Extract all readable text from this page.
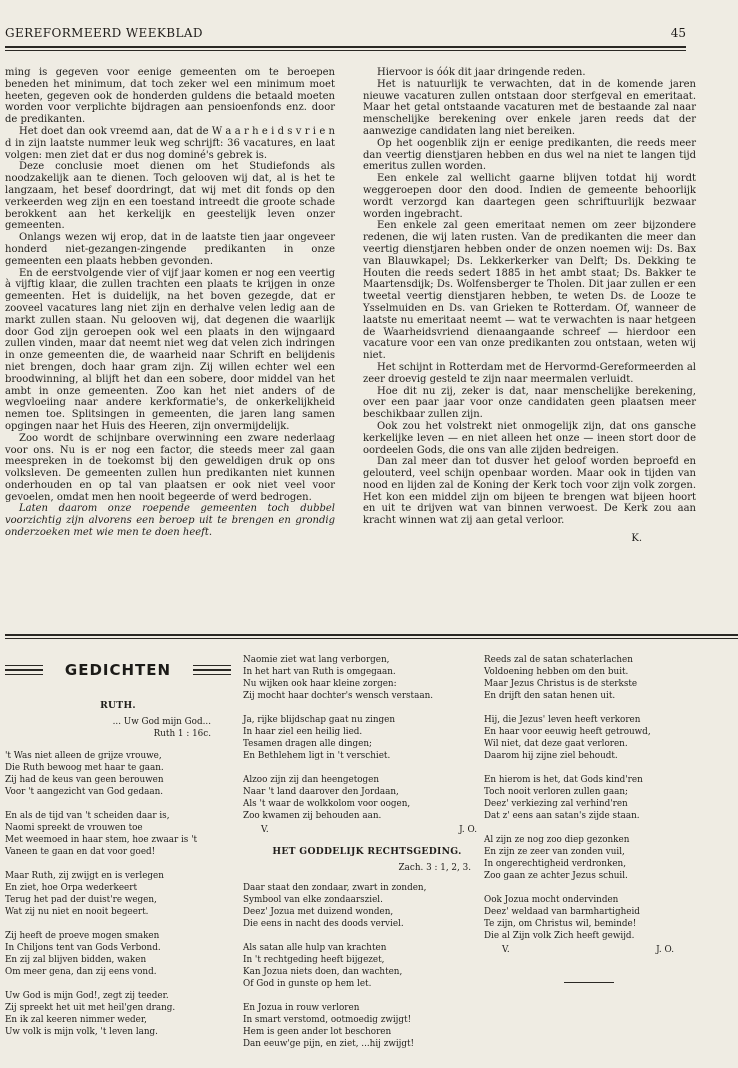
GEREFORMEERD WEEKBLAD	45

ming is gegeven voor eenige gemeenten om te beroepen beneden het minimum, dat toch zeker wel een minimum moet heeten, gegeven ook de honderden guldens die betaald moeten worden voor verplichte bijdragen aan pensioenfonds enz. door de predikanten.

Het doet dan ook vreemd aan, dat de W a a r h e i d s v r i e n d in zijn laatste nummer leuk weg schrijft: 36 vacatures, en laat volgen: men ziet dat er dus nog dominé's gebrek is.

Deze conclusie moet dienen om het Studiefonds als noodzakelijk aan te dienen. Toch gelooven wij dat, al is het te langzaam, het besef doordringt, dat wij met dit fonds op den verkeerden weg zijn en een toestand intreedt die groote schade berokkent aan het kerkelijk en geestelijk leven onzer gemeenten.

Onlangs wezen wij erop, dat in de laatste tien jaar ongeveer honderd niet-gezangen-zingende predikanten in onze gemeenten een plaats hebben gevonden.

En de eerstvolgende vier of vijf jaar komen er nog een veertig à vijftig klaar, die zullen trachten een plaats te krijgen in onze gemeenten. Het is duidelijk, na het boven gezegde, dat er zooveel vacatures lang niet zijn en derhalve velen ledig aan de markt zullen staan. Nu gelooven wij, dat degenen die waarlijk door God zijn geroepen ook wel een plaats in den wijngaard zullen vinden, maar dat neemt niet weg dat velen zich indringen in onze gemeenten die, de waarheid naar Schrift en belijdenis niet brengen, doch haar gram zijn. Zij willen echter wel een broodwinning, al blijft het dan een sobere, door middel van het ambt in onze gemeenten. Zoo kan het niet anders of de wegvloeiing naar andere kerkformatie's, de onkerkelijkheid nemen toe. Splitsingen in gemeenten, die jaren lang samen opgingen naar het Huis des Heeren, zijn onvermijdelijk.

Zoo wordt de schijnbare overwinning een zware nederlaag voor ons. Nu is er nog een factor, die steeds meer zal gaan meespreken in de toekomst bij den geweldigen druk op ons volksleven. De gemeenten zullen hun predikanten niet kunnen onderhouden en op tal van plaatsen er ook niet veel voor gevoelen, omdat men hen nooit begeerde of werd bedrogen.

Laten daarom onze roepende gemeenten toch dubbel voorzichtig zijn alvorens een beroep uit te brengen en grondig onderzoeken met wie men te doen heeft.

Hiervoor is óók dit jaar dringende reden.

Het is natuurlijk te verwachten, dat in de komende jaren nieuwe vacaturen zullen ontstaan door sterfgeval en emeritaat. Maar het getal ontstaande vacaturen met de bestaande zal naar menschelijke berekening over enkele jaren reeds dat der aanwezige candidaten lang niet bereiken.

Op het oogenblik zijn er eenige predikanten, die reeds meer dan veertig dienstjaren hebben en dus wel na niet te langen tijd emeritus zullen worden.

Een enkele zal wellicht gaarne blijven totdat hij wordt weggeroepen door den dood. Indien de gemeente behoorlijk wordt verzorgd kan daartegen geen schriftuurlijk bezwaar worden ingebracht.

Een enkele zal geen emeritaat nemen om zeer bijzondere redenen, die wij laten rusten. Van de predikanten die meer dan veertig dienstjaren hebben onder de onzen noemen wij: Ds. Bax van Blauwkapel; Ds. Lekkerkerker van Delft; Ds. Dekking te Houten die reeds sedert 1885 in het ambt staat; Ds. Bakker te Maartensdijk; Ds. Wolfensberger te Tholen. Dit jaar zullen er een tweetal veertig dienstjaren hebben, te weten Ds. de Looze te Ysselmuiden en Ds. van Grieken te Rotterdam. Of, wanneer de laatste nu emeritaat neemt — wat te verwachten is naar hetgeen de Waarheidsvriend dienaangaande schreef — hierdoor een vacature voor een van onze predikanten zou ontstaan, weten wij niet.

Het schijnt in Rotterdam met de Hervormd-Gereformeerden al zeer droevig gesteld te zijn naar meermalen verluidt.

Hoe dit nu zij, zeker is dat, naar menschelijke berekening, over een paar jaar voor onze candidaten geen plaatsen meer beschikbaar zullen zijn.

Ook zou het volstrekt niet onmogelijk zijn, dat ons gansche kerkelijke leven — en niet alleen het onze — ineen stort door de oordeelen Gods, die ons van alle zijden bedreigen.

Dan zal meer dan tot dusver het geloof worden beproefd en gelouterd, veel schijn openbaar worden. Maar ook in tijden van nood en lijden zal de Koning der Kerk toch voor zijn volk zorgen. Het kon een middel zijn om bijeen te brengen wat bijeen hoort en uit te drijven wat van binnen verwoest. De Kerk zou aan kracht winnen wat zij aan getal verloor.

K.
GEDICHTEN
RUTH.

... Uw God mijn God...

Ruth 1 : 16c.

't Was niet alleen de grijze vrouwe,

Die Ruth bewoog met haar te gaan.

Zij had de keus van geen berouwen

Voor 't aangezicht van God gedaan.

En als de tijd van 't scheiden daar is,

Naomi spreekt de vrouwen toe

Met weemoed in haar stem, hoe zwaar is 't

Vaneen te gaan en dat voor goed!

Maar Ruth, zij zwijgt en is verlegen

En ziet, hoe Orpa wederkeert

Terug het pad der duist're wegen,

Wat zij nu niet en nooit begeert.

Zij heeft de proeve mogen smaken

In Chiljons tent van Gods Verbond.

En zij zal blijven bidden, waken

Om meer gena, dan zij eens vond.

Uw God is mijn God!, zegt zij teeder.

Zij spreekt het uit met heil'gen drang.

En ik zal keeren nimmer weder,

Uw volk is mijn volk, 't leven lang.

Naomie ziet wat lang verborgen,

In het hart van Ruth is omgegaan.

Nu wijken ook haar kleine zorgen:

Zij mocht haar dochter's wensch verstaan.

Ja, rijke blijdschap gaat nu zingen

In haar ziel een heilig lied.

Tesamen dragen alle dingen;

En Bethlehem ligt in 't verschiet.

Alzoo zijn zij dan heengetogen

Naar 't land daarover den Jordaan,

Als 't waar de wolkkolom voor oogen,

Zoo kwamen zij behouden aan.

V.	J. O.
HET GODDELIJK RECHTSGEDING.

Zach. 3 : 1, 2, 3.

Daar staat den zondaar, zwart in zonden,

Symbool van elke zondaarsziel.

Deez' Jozua met duizend wonden,

Die eens in nacht des doods verviel.

Als satan alle hulp van krachten

In 't rechtgeding heeft bijgezet,

Kan Jozua niets doen, dan wachten,

Of God in gunste op hem let.

En Jozua in rouw verloren

In smart verstomd, ootmoedig zwijgt!

Hem is geen ander lot beschoren

Dan eeuw'ge pijn, en ziet, ...hij zwijgt!

Reeds zal de satan schaterlachen

Voldoening hebben om den buit.

Maar Jezus Christus is de sterkste

En drijft den satan henen uit.

Hij, die Jezus' leven heeft verkoren

En haar voor eeuwig heeft getrouwd,

Wil niet, dat deze gaat verloren.

Daarom hij zijne ziel behoudt.

En hierom is het, dat Gods kind'ren

Toch nooit verloren zullen gaan;

Deez' verkiezing zal verhind'ren

Dat z' eens aan satan's zijde staan.

Al zijn ze nog zoo diep gezonken

En zijn ze zeer van zonden vuil,

In ongerechtigheid verdronken,

Zoo gaan ze achter Jezus schuil.

Ook Jozua mocht ondervinden

Deez' weldaad van barmhartigheid

Te zijn, om Christus wil, beminde!

Die al Zijn volk Zich heeft gewijd.

V.	J. O.
